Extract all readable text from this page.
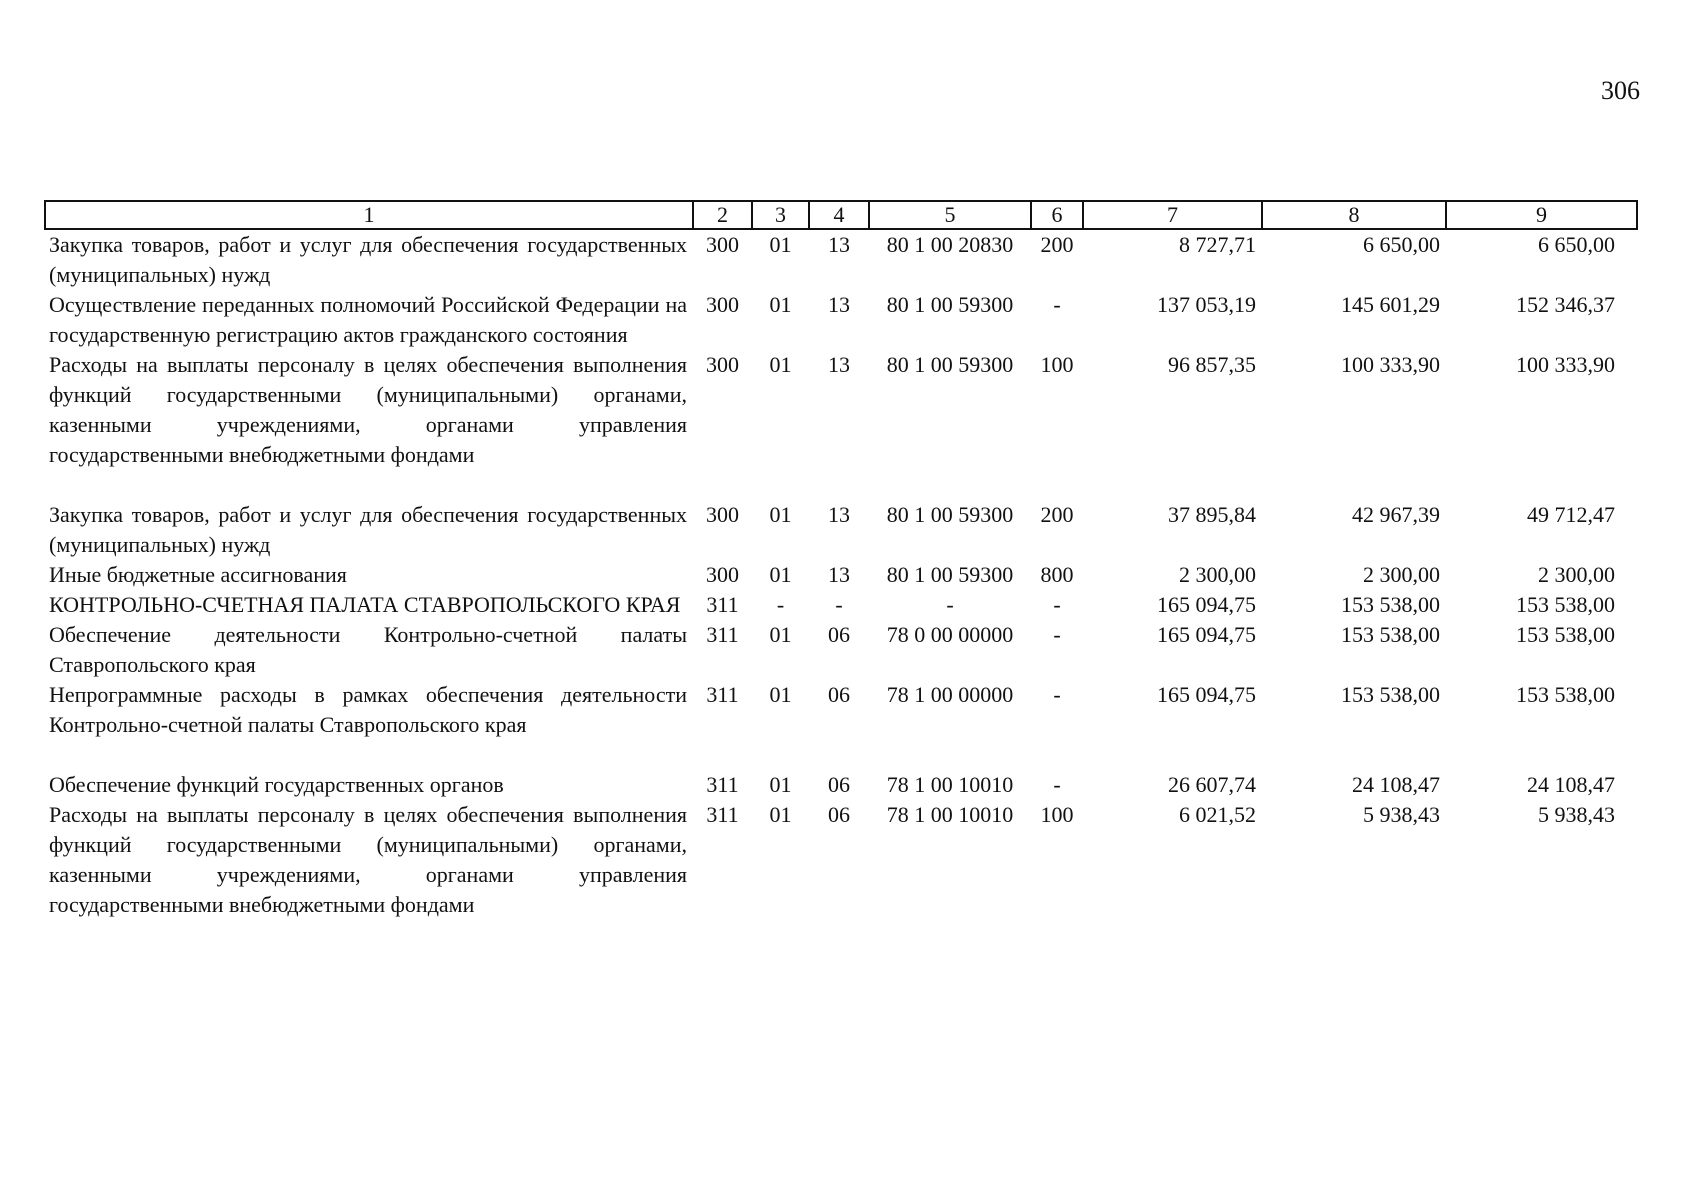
306
1	2	3	4	5	6	7	8	9
Закупка товаров, работ и услуг для обеспечения государственных (муниципальных) нужд	300	01	13	80 1 00 20830	200	8 727,71	6 650,00	6 650,00
Осуществление переданных полномочий Российской Федерации на государственную регистрацию актов гражданского состояния	300	01	13	80 1 00 59300	-	137 053,19	145 601,29	152 346,37
Расходы на выплаты персоналу в целях обеспечения выполнения функций государственными (муниципальными) органами, казенными учреждениями, органами управления государственными внебюджетными фондами	300	01	13	80 1 00 59300	100	96 857,35	100 333,90	100 333,90
Закупка товаров, работ и услуг для обеспечения государственных (муниципальных) нужд	300	01	13	80 1 00 59300	200	37 895,84	42 967,39	49 712,47
Иные бюджетные ассигнования	300	01	13	80 1 00 59300	800	2 300,00	2 300,00	2 300,00
КОНТРОЛЬНО-СЧЕТНАЯ ПАЛАТА СТАВРОПОЛЬСКОГО КРАЯ	311	-	-	-	-	165 094,75	153 538,00	153 538,00
Обеспечение деятельности Контрольно-счетной палаты Ставропольского края	311	01	06	78 0 00 00000	-	165 094,75	153 538,00	153 538,00
Непрограммные расходы в рамках обеспечения деятельности Контрольно-счетной палаты Ставропольского края	311	01	06	78 1 00 00000	-	165 094,75	153 538,00	153 538,00
Обеспечение функций государственных органов	311	01	06	78 1 00 10010	-	26 607,74	24 108,47	24 108,47
Расходы на выплаты персоналу в целях обеспечения выполнения функций государственными (муниципальными) органами, казенными учреждениями, органами управления государственными внебюджетными фондами	311	01	06	78 1 00 10010	100	6 021,52	5 938,43	5 938,43
